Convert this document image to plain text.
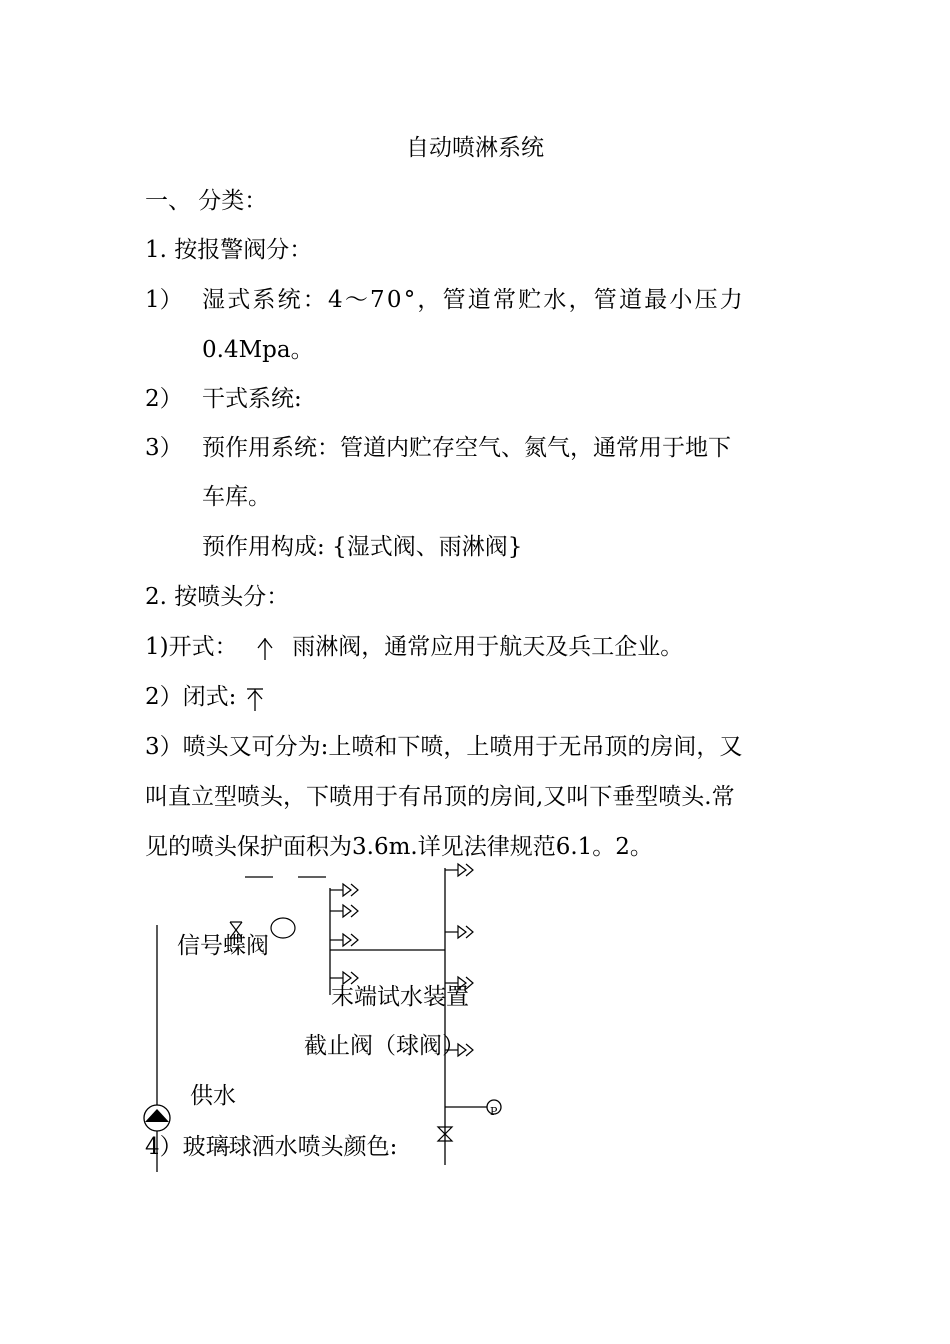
自动喷淋系统
一、 分类：
1. 按报警阀分：
1） 湿式系统：4～70°，管道常贮水，管道最小压力
0.4Mpa。
2） 干式系统:
3） 预作用系统：管道内贮存空气、氮气，通常用于地下
车库。
预作用构成: {湿式阀、雨淋阀}
2. 按喷头分：
1)开式： 雨淋阀，通常应用于航天及兵工企业。
2）闭式:
3）喷头又可分为:上喷和下喷，上喷用于无吊顶的房间，又
叫直立型喷头，下喷用于有吊顶的房间,又叫下垂型喷头.常
见的喷头保护面积为3.6m.详见法律规范6.1。2。
信号蝶阀
末端试水装置
截止阀（球阀）
供水
P
4）玻璃球洒水喷头颜色:
